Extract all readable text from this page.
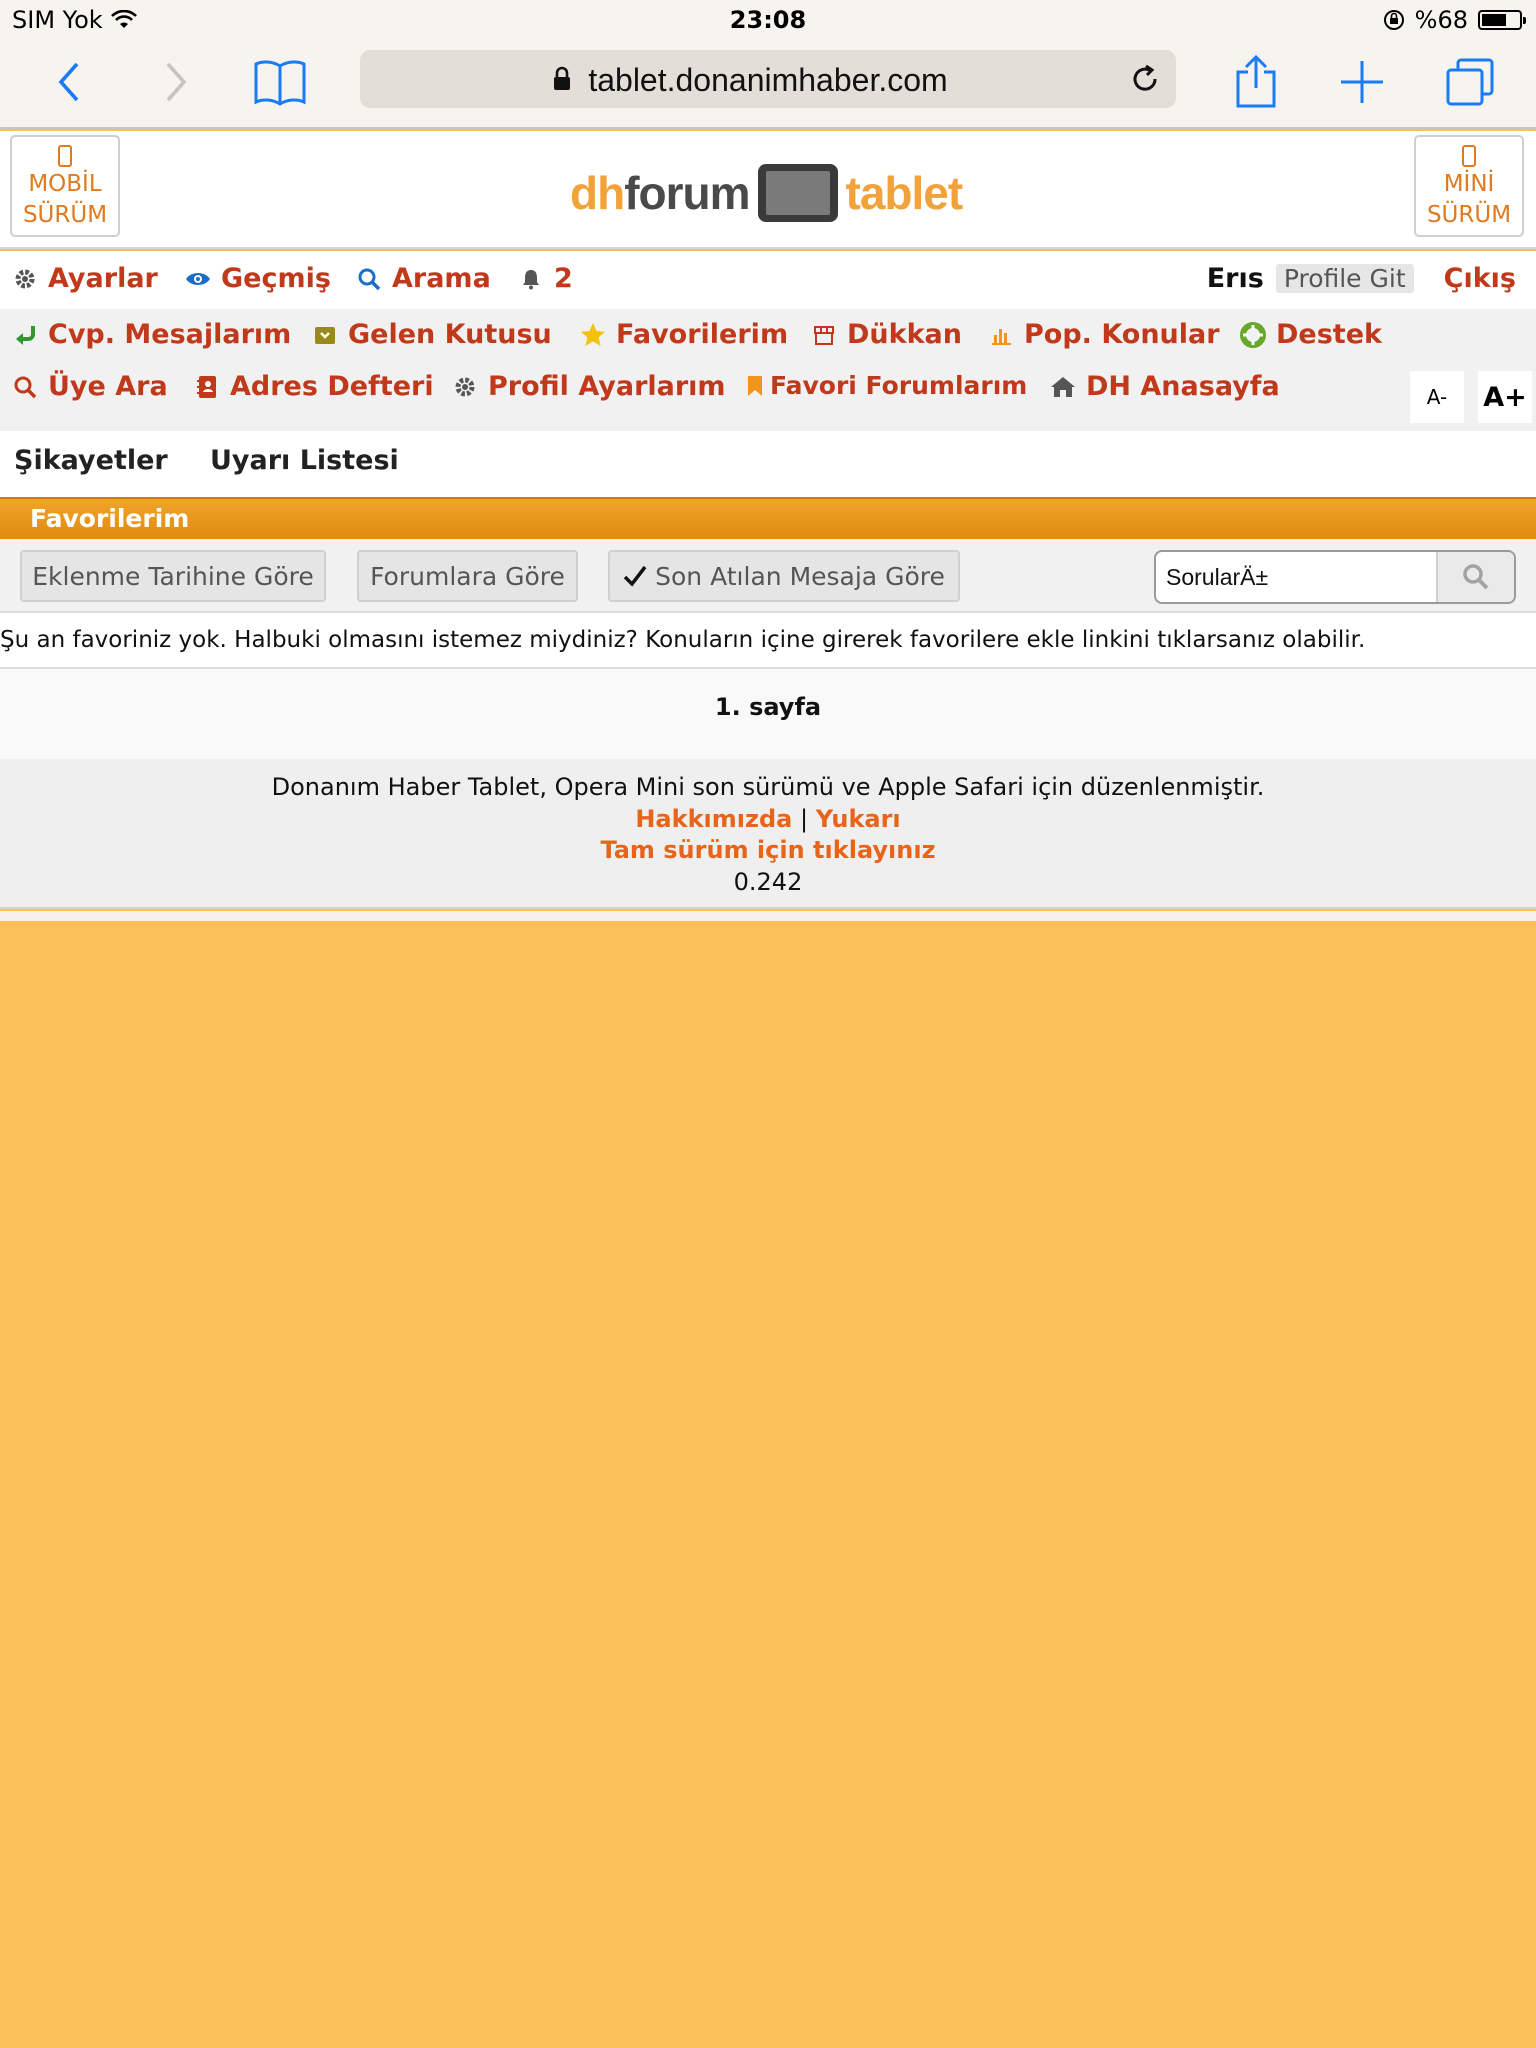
SIM Yok	23:08	%68
tablet.donanimhaber.com
MOBİL
SÜRÜM	dh forum tablet	MİNİ
SÜRÜM
Ayarlar Geçmiş Arama 2	Erıs Profile Git Çıkış
Cvp. Mesajlarım Gelen Kutusu Favorilerim Dükkan Pop. Konular Destek
Üye Ara Adres Defteri Profil Ayarlarım Favori Forumlarım DH Anasayfa	A-	A+
Şikayetler Uyarı Listesi
Favorilerim
Eklenme Tarihine Göre Forumlara Göre	Son Atılan Mesaja Göre
SorularÄ±
Şu an favoriniz yok. Halbuki olmasını istemez miydiniz? Konuların içine girerek favorilere ekle linkini tıklarsanız olabilir.
1. sayfa
Donanım Haber Tablet, Opera Mini son sürümü ve Apple Safari için düzenlenmiştir.
Hakkımızda | Yukarı
Tam sürüm için tıklayınız
0.242
